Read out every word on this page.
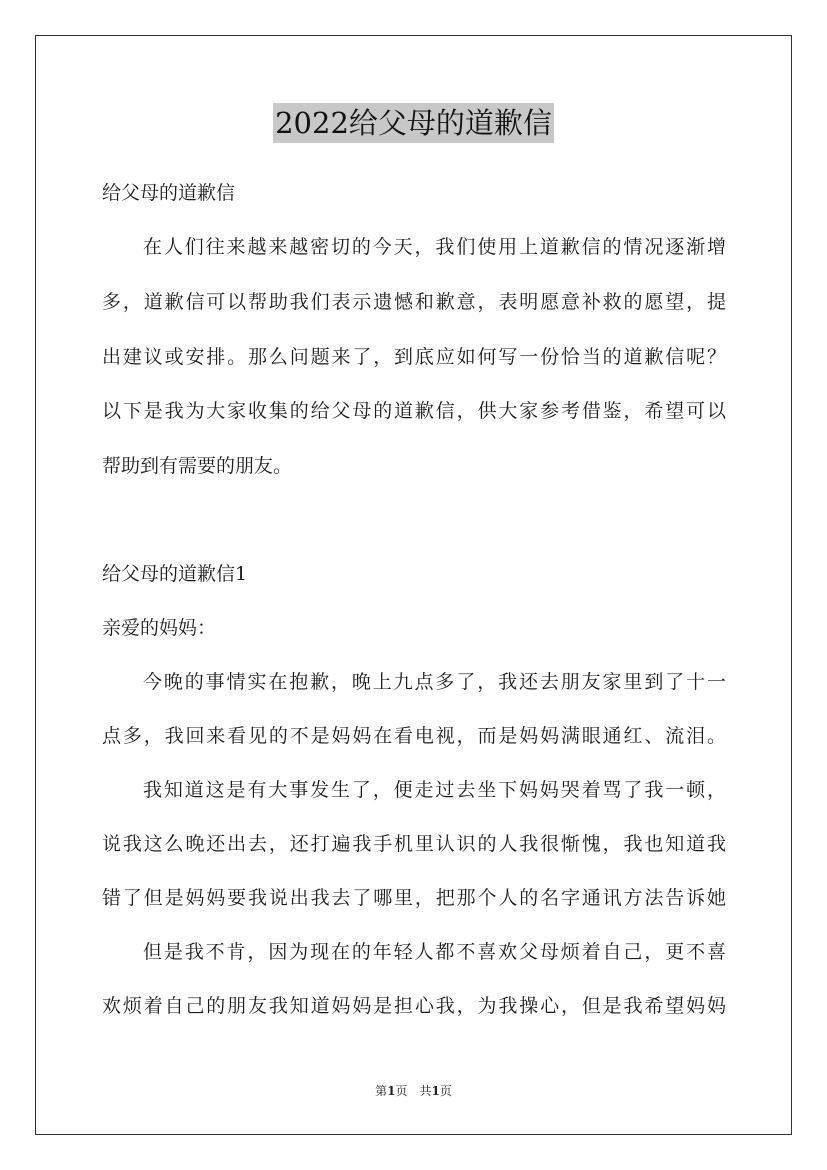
2022给父母的道歉信
给父母的道歉信
在人们往来越来越密切的今天，我们使用上道歉信的情况逐渐增
多，道歉信可以帮助我们表示遗憾和歉意，表明愿意补救的愿望，提
出建议或安排。那么问题来了，到底应如何写一份恰当的道歉信呢？
以下是我为大家收集的给父母的道歉信，供大家参考借鉴，希望可以
帮助到有需要的朋友。
给父母的道歉信1
亲爱的妈妈：
今晚的事情实在抱歉，晚上九点多了，我还去朋友家里到了十一
点多，我回来看见的不是妈妈在看电视，而是妈妈满眼通红、流泪。
我知道这是有大事发生了，便走过去坐下妈妈哭着骂了我一顿，
说我这么晚还出去，还打遍我手机里认识的人我很惭愧，我也知道我
错了但是妈妈要我说出我去了哪里，把那个人的名字通讯方法告诉她
但是我不肯，因为现在的年轻人都不喜欢父母烦着自己，更不喜
欢烦着自己的朋友我知道妈妈是担心我，为我操心，但是我希望妈妈
第1页　共1页
